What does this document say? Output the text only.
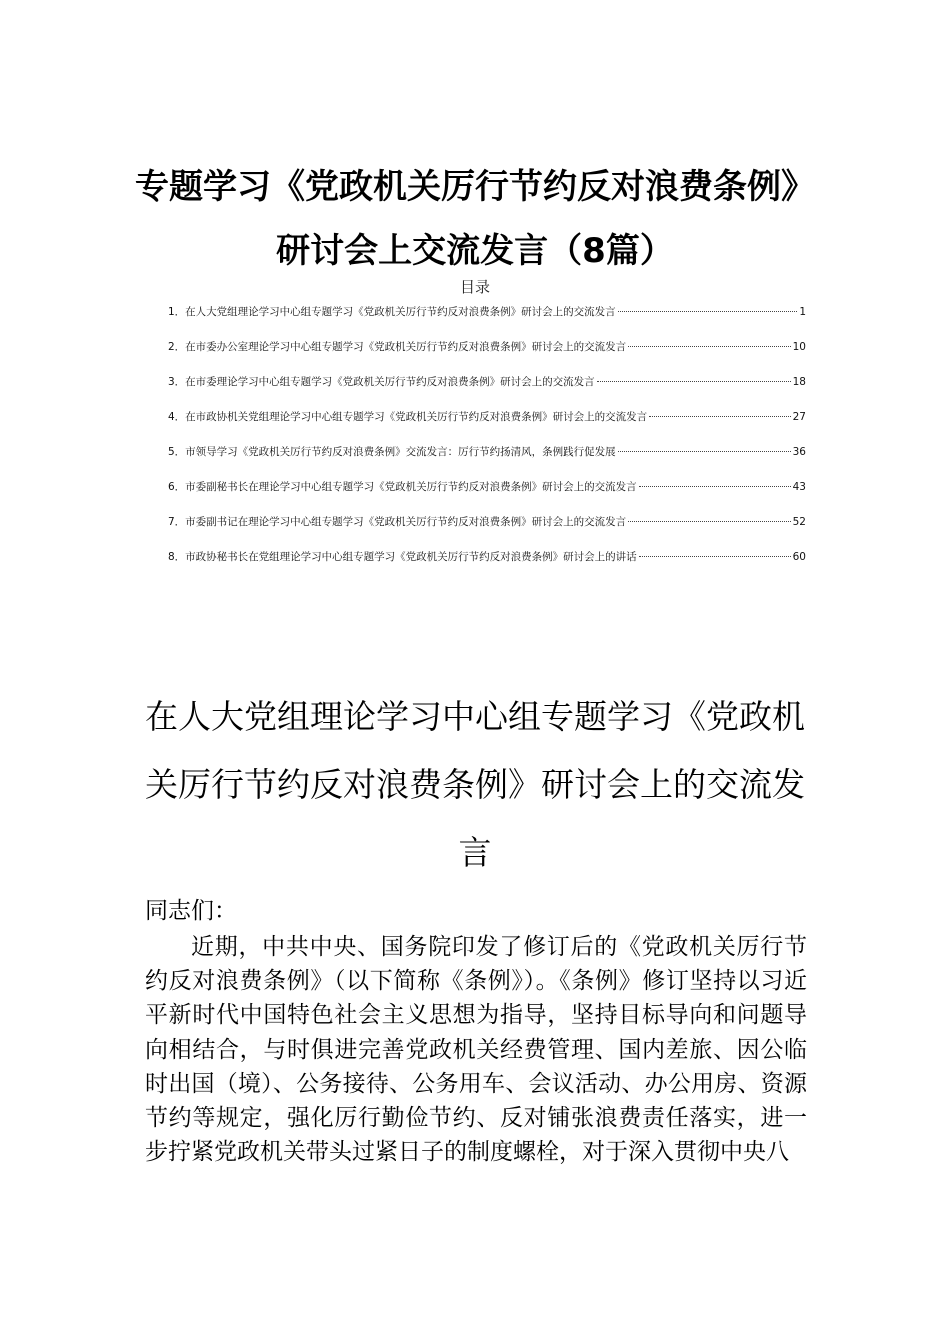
专题学习《党政机关厉行节约反对浪费条例》研讨会上交流发言（8篇）
目录
1．在人大党组理论学习中心组专题学习《党政机关厉行节约反对浪费条例》研讨会上的交流发言	1
2．在市委办公室理论学习中心组专题学习《党政机关厉行节约反对浪费条例》研讨会上的交流发言	10
3．在市委理论学习中心组专题学习《党政机关厉行节约反对浪费条例》研讨会上的交流发言	18
4．在市政协机关党组理论学习中心组专题学习《党政机关厉行节约反对浪费条例》研讨会上的交流发言	27
5．市领导学习《党政机关厉行节约反对浪费条例》交流发言：厉行节约扬清风，条例践行促发展	36
6．市委副秘书长在理论学习中心组专题学习《党政机关厉行节约反对浪费条例》研讨会上的交流发言	43
7．市委副书记在理论学习中心组专题学习《党政机关厉行节约反对浪费条例》研讨会上的交流发言	52
8．市政协秘书长在党组理论学习中心组专题学习《党政机关厉行节约反对浪费条例》研讨会上的讲话	60
在人大党组理论学习中心组专题学习《党政机关厉行节约反对浪费条例》研讨会上的交流发言
同志们：

近期，中共中央、国务院印发了修订后的《党政机关厉行节约反对浪费条例》（以下简称《条例》）。《条例》修订坚持以习近平新时代中国特色社会主义思想为指导，坚持目标导向和问题导向相结合，与时俱进完善党政机关经费管理、国内差旅、因公临时出国（境）、公务接待、公务用车、会议活动、办公用房、资源节约等规定，强化厉行勤俭节约、反对铺张浪费责任落实，进一步拧紧党政机关带头过紧日子的制度螺栓，对于深入贯彻中央八
